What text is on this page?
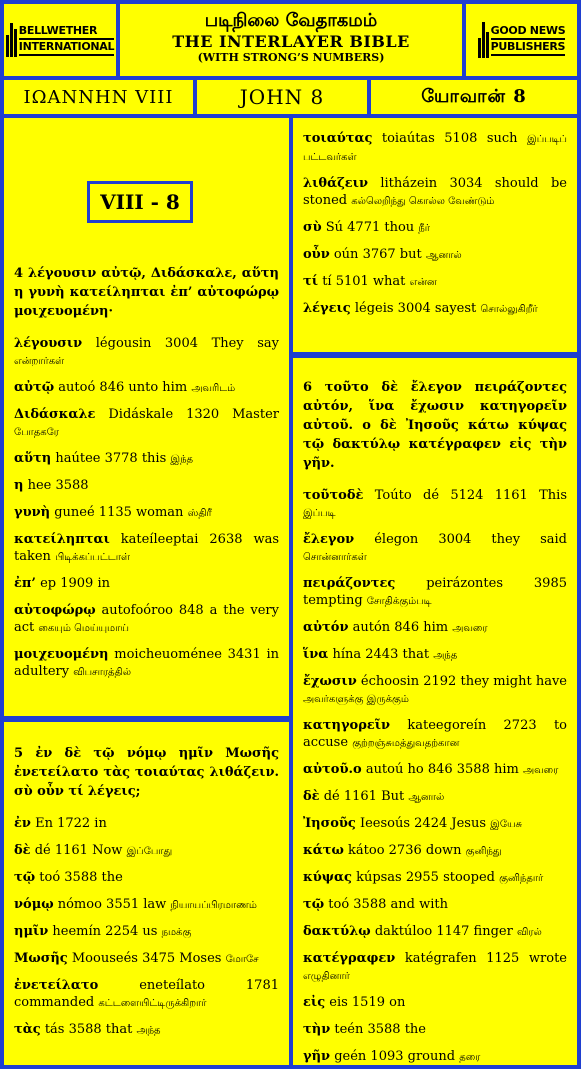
BELLWETHER
INTERNATIONAL
படிநிலை வேதாகமம்
THE INTERLAYER BIBLE
(WITH STRONG’S NUMBERS)
GOOD NEWS
PUBLISHERS
ΙΩΑΝΝΗΝ VIII	JOHN 8	யோவான் 8
4 λέγουσιν αὐτῷ, Διδάσκαλε, αὕτη η γυνὴ κατείληπται ἐπ’ αὐτοφώρῳ μοιχευομένη·
λέγουσιν légousin 3004 They say என்றார்கள்
αὐτῷ autoó 846 unto him அவரிடம்
Διδάσκαλε Didáskale 1320 Master போதகரே
αὕτη haútee 3778 this இந்த
η hee 3588
γυνὴ guneé 1135 woman ஸ்திரீ
κατείληπται kateíleeptai 2638 was taken பிடிக்கப்பட்டாள்
ἐπ’ ep 1909 in
αὐτοφώρῳ autofoóroo 848 a the very act கையும் மெய்யுமாய்
μοιχευομένη moicheuoménee 3431 in adultery விபசாரத்தில்
VIII - 8
5 ἐν δὲ τῷ νόμῳ ημῖν Μωσῆς ἐνετείλατο τὰς τοιαύτας λιθάζειν. σὺ οὖν τί λέγεις;
ἐν En 1722 in
δὲ dé 1161 Now இப்போது
τῷ toó 3588 the
νόμῳ nómoo 3551 law நியாயப்பிரமாணம்
ημῖν heemín 2254 us நமக்கு
Μωσῆς Moouseés 3475 Moses மோசே
ἐνετείλατο	eneteílato 1781 commanded கட்டளையிட்டிருக்கிறார்
τὰς tás 3588 that அந்த
τοιαύτας toiaútas 5108 such இப்படிப் பட்டவர்கள்
λιθάζειν litházein 3034 should be stoned கல்லெறிந்து கொல்ல வேண்டும்
σὺ Sú 4771 thou நீர்
οὖν oún 3767 but ஆனால்
τί tí 5101 what என்ன
λέγεις légeis 3004 sayest சொல்லுகிறீர்
6 τοῦτο δὲ ἔλεγον πειράζοντες αὐτόν, ἵνα ἔχωσιν κατηγορεῖν αὐτοῦ. ο δὲ Ἰησοῦς κάτω κύψας τῷ δακτύλῳ κατέγραφεν εἰς τὴν γῆν.
τοῦτοδὲ Toúto dé 5124 1161 This இப்படி
ἔλεγον élegon 3004 they said சொன்னார்கள்
πειράζοντες peirázontes 3985 tempting சோதிக்கும்படி
αὐτόν autón 846 him அவரை
ἵνα hína 2443 that அந்த
ἔχωσιν échoosin 2192 they might have அவர்களுக்கு இருக்கும்
κατηγορεῖν kateegoreín 2723 to accuse குற்றஞ்சுமத்துவதற்கான
αὐτοῦ.ο autoú ho 846 3588 him அவரை
δὲ dé 1161 But ஆனால்
Ἰησοῦς Ieesoús 2424 Jesus இயேசு
κάτω kátoo 2736 down குனிந்து
κύψας kúpsas 2955 stooped குனிந்தார்
τῷ toó 3588 and with
δακτύλῳ daktúloo 1147 finger விரல்
κατέγραφεν katégrafen 1125 wrote எழுதினார்
εἰς eis 1519 on
τὴν teén 3588 the
γῆν geén 1093 ground தரை
